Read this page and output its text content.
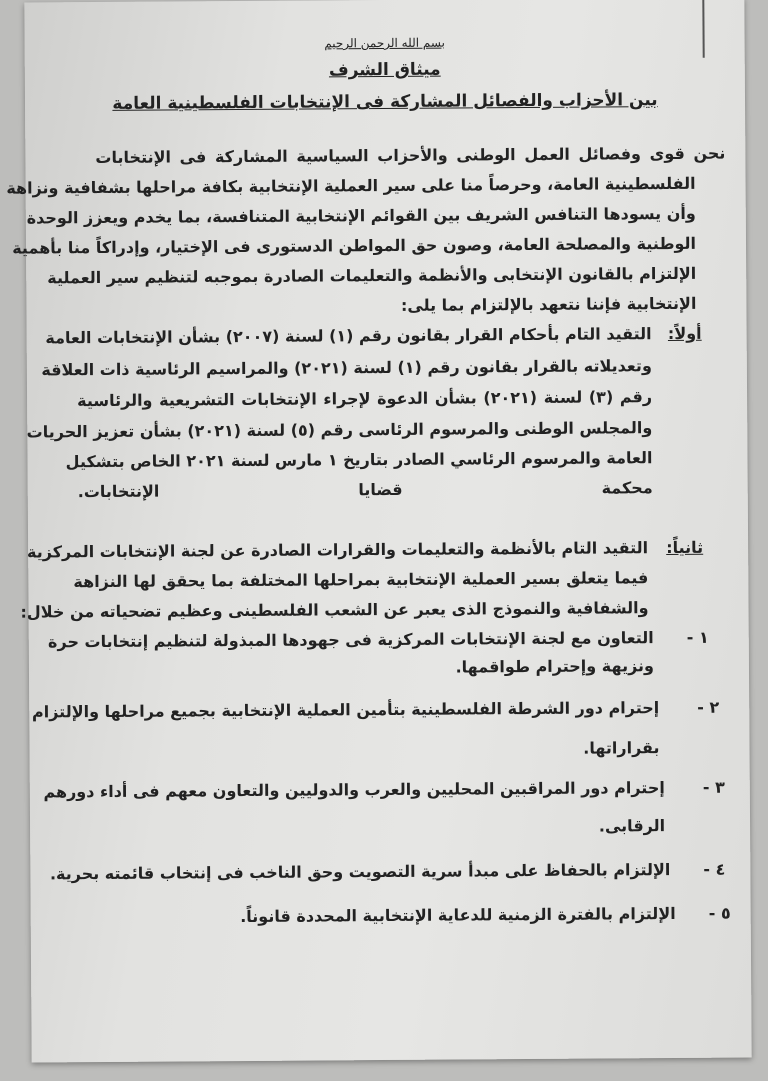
بسم الله الرحمن الرحيم
ميثاق الشرف
بين الأحزاب والفصائل المشاركة فى الإنتخابات الفلسطينية العامة
نحن قوى وفصائل العمل الوطنى والأحزاب السياسية المشاركة فى الإنتخابات
الفلسطينية العامة، وحرصاً منا على سير العملية الإنتخابية بكافة مراحلها بشفافية ونزاهة
وأن يسودها التنافس الشريف بين القوائم الإنتخابية المتنافسة، بما يخدم ويعزز الوحدة
الوطنية والمصلحة العامة، وصون حق المواطن الدستورى فى الإختيار، وإدراكاً منا بأهمية
الإلتزام بالقانون الإنتخابى والأنظمة والتعليمات الصادرة بموجبه لتنظيم سير العملية
الإنتخابية فإننا نتعهد بالإلتزام بما يلى:
أولاً:
التقيد التام بأحكام القرار بقانون رقم (١) لسنة (٢٠٠٧) بشأن الإنتخابات العامة
وتعديلاته بالقرار بقانون رقم (١) لسنة (٢٠٢١) والمراسيم الرئاسية ذات العلاقة
رقم (٣) لسنة (٢٠٢١) بشأن الدعوة لإجراء الإنتخابات التشريعية والرئاسية
والمجلس الوطنى والمرسوم الرئاسى رقم (٥) لسنة (٢٠٢١) بشأن تعزيز الحريات
العامة والمرسوم الرئاسي الصادر بتاريخ ١ مارس لسنة ٢٠٢١ الخاص بتشكيل
محكمة قضايا الإنتخابات.
ثانياً:
التقيد التام بالأنظمة والتعليمات والقرارات الصادرة عن لجنة الإنتخابات المركزية
فيما يتعلق بسير العملية الإنتخابية بمراحلها المختلفة بما يحقق لها النزاهة
والشفافية والنموذج الذى يعبر عن الشعب الفلسطينى وعظيم تضحياته من خلال:
١ -
التعاون مع لجنة الإنتخابات المركزية فى جهودها المبذولة لتنظيم إنتخابات حرة
ونزيهة وإحترام طواقمها.
٢ -
إحترام دور الشرطة الفلسطينية بتأمين العملية الإنتخابية بجميع مراحلها والإلتزام
بقراراتها.
٣ -
إحترام دور المراقبين المحليين والعرب والدوليين والتعاون معهم فى أداء دورهم
الرقابى.
٤ -
الإلتزام بالحفاظ على مبدأ سرية التصويت وحق الناخب فى إنتخاب قائمته بحرية.
٥ -
الإلتزام بالفترة الزمنية للدعاية الإنتخابية المحددة قانوناً.
